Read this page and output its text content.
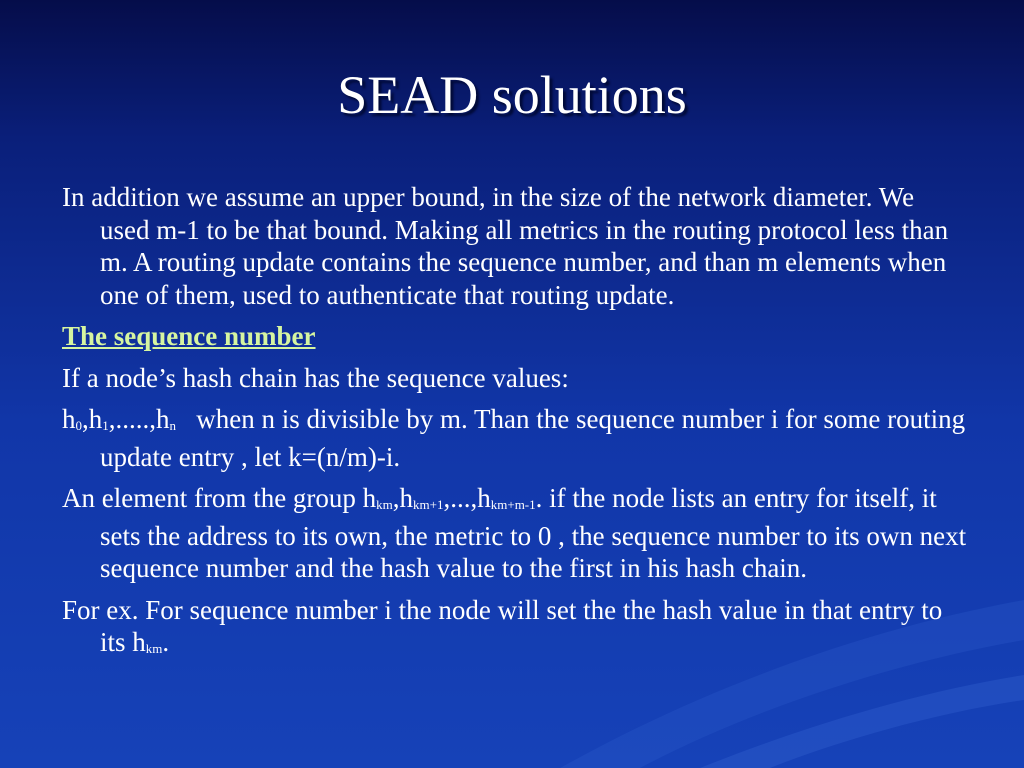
SEAD solutions

In addition we assume an upper bound, in the size of the network diameter. We used m-1 to be that bound. Making all metrics in the routing protocol less than m. A routing update contains the sequence number, and than m elements when one of them, used to authenticate that routing update.

The sequence number

If a node’s hash chain has the sequence values:

$h_0,h_1,.....,h_n$   when n is divisible by m. Than the sequence number i for some routing update entry , let k=(n/m)-i.

An element from the group $h_{km},h_{km+1},...,h_{km+m-1}$. if the node lists an entry for itself, it sets the address to its own, the metric to 0 , the sequence number to its own next sequence number and the hash value to the first in his hash chain.

For ex. For sequence number i the node will set the the hash value in that entry to its $h_{km}$.
